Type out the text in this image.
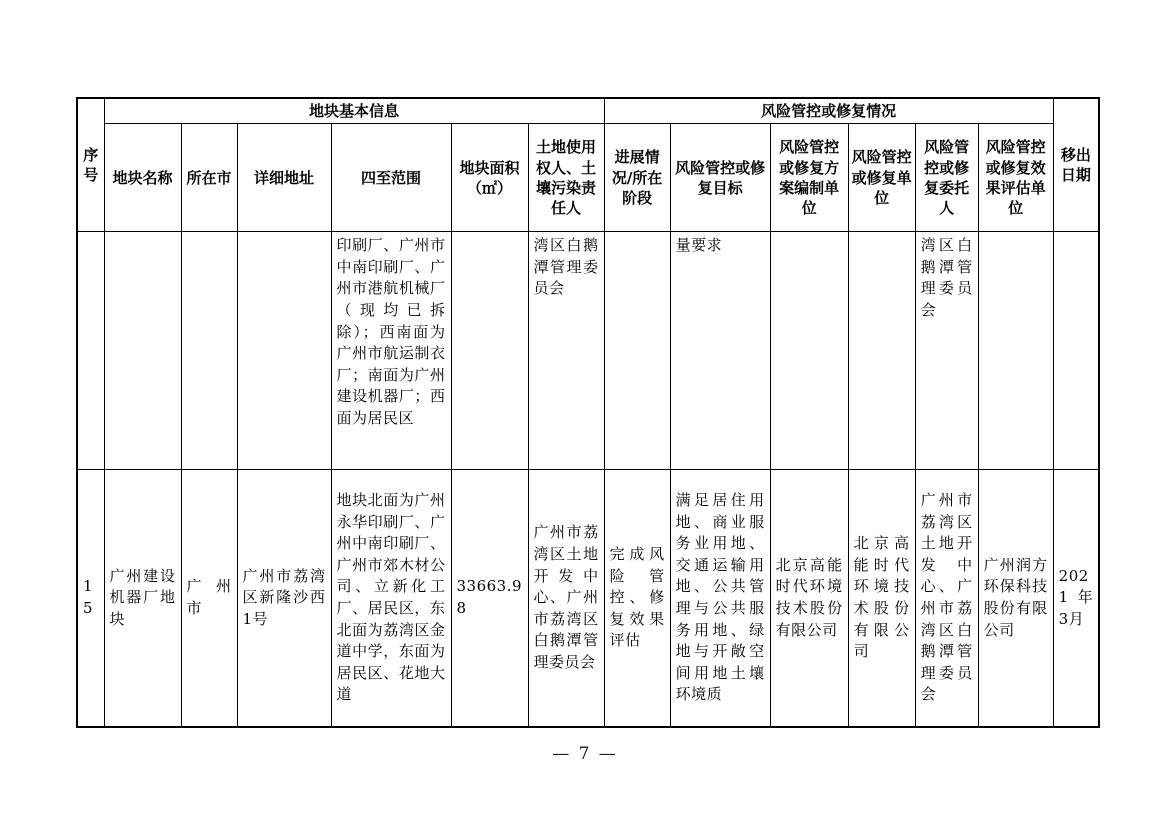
序号	地块基本信息						风险管控或修复情况						移出日期
	地块名称	所在市	详细地址	四至范围	地块面积（㎡）	土地使用权人、土壤污染责任人	进展情况/所在阶段	风险管控或修复目标	风险管控或修复方案编制单位	风险管控或修复单位	风险管控或修复委托人	风险管控或修复效果评估单位	
				印刷厂、广州市中南印刷厂、广州市港航机械厂（现均已拆除）；西南面为广州市航运制衣厂；南面为广州建设机器厂；西面为居民区		湾区白鹅潭管理委员会		量要求			湾区白鹅潭管理委员会		
15	广州建设机器厂地块	广州市	广州市荔湾区新隆沙西1号	地块北面为广州永华印刷厂、广州中南印刷厂、广州市郊木材公司、立新化工厂、居民区，东北面为荔湾区金道中学，东面为居民区、花地大道	33663.98	广州市荔湾区土地开发中心、广州市荔湾区白鹅潭管理委员会	完成风险管控、修复效果评估	满足居住用地、商业服务业用地、交通运输用地、公共管理与公共服务用地、绿地与开敞空间用地土壤环境质	北京高能时代环境技术股份有限公司	北京高能时代环境技术股份有限公司	广州市荔湾区土地开发中心、广州市荔湾区白鹅潭管理委员会	广州润方环保科技股份有限公司	2021年3月
— 7 —
